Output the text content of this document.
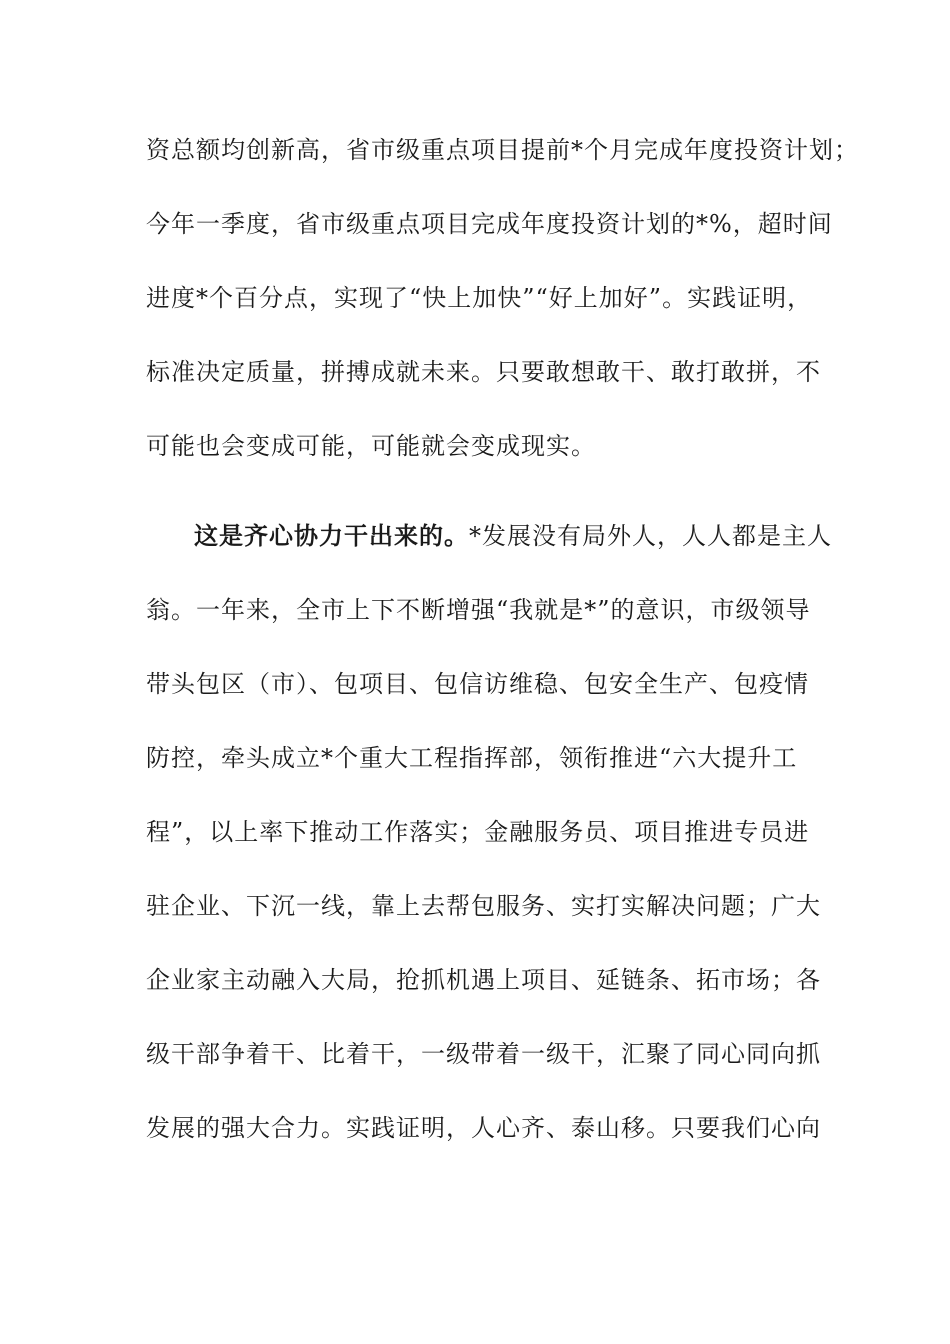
资总额均创新高，省市级重点项目提前*个月完成年度投资计划；
今年一季度，省市级重点项目完成年度投资计划的*%，超时间
进度*个百分点，实现了“快上加快”“好上加好”。实践证明，
标准决定质量，拼搏成就未来。只要敢想敢干、敢打敢拼，不
可能也会变成可能，可能就会变成现实。
这是齐心协力干出来的。*发展没有局外人，人人都是主人
翁。一年来，全市上下不断增强“我就是*”的意识，市级领导
带头包区（市）、包项目、包信访维稳、包安全生产、包疫情
防控，牵头成立*个重大工程指挥部，领衔推进“六大提升工
程”，以上率下推动工作落实；金融服务员、项目推进专员进
驻企业、下沉一线，靠上去帮包服务、实打实解决问题；广大
企业家主动融入大局，抢抓机遇上项目、延链条、拓市场；各
级干部争着干、比着干，一级带着一级干，汇聚了同心同向抓
发展的强大合力。实践证明，人心齐、泰山移。只要我们心向
